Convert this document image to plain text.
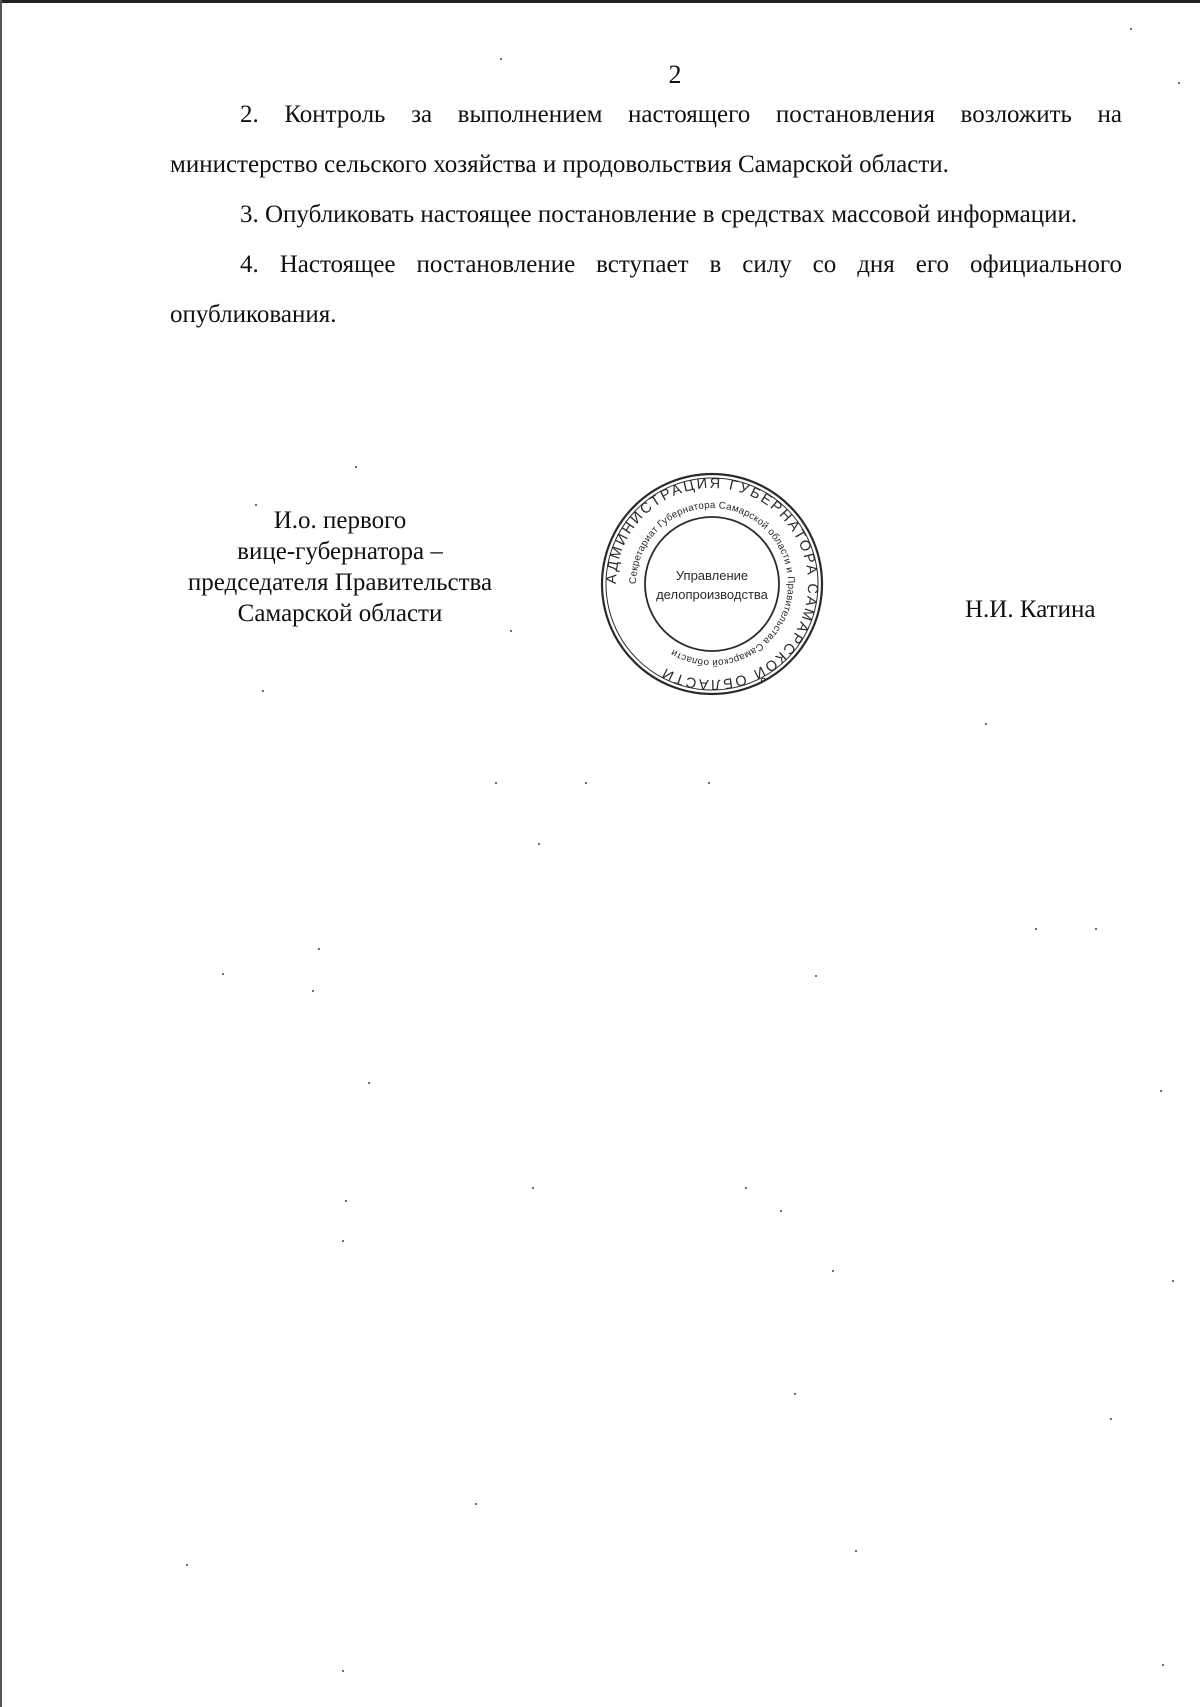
2

2. Контроль за выполнением настоящего постановления возложить на министерство сельского хозяйства и продовольствия Самарской области.

3. Опубликовать настоящее постановление в средствах массовой информации.

4. Настоящее постановление вступает в силу со дня его официального опубликования.

И.о. первого
вице-губернатора –
председателя Правительства
Самарской области
АДМИНИСТРАЦИЯ ГУБЕРНАТОРА САМАРСКОЙ ОБЛАСТИ
Секретариат Губернатора Самарской области и Правительства Самарской области
Управление
делопроизводства
Н.И. Катина
